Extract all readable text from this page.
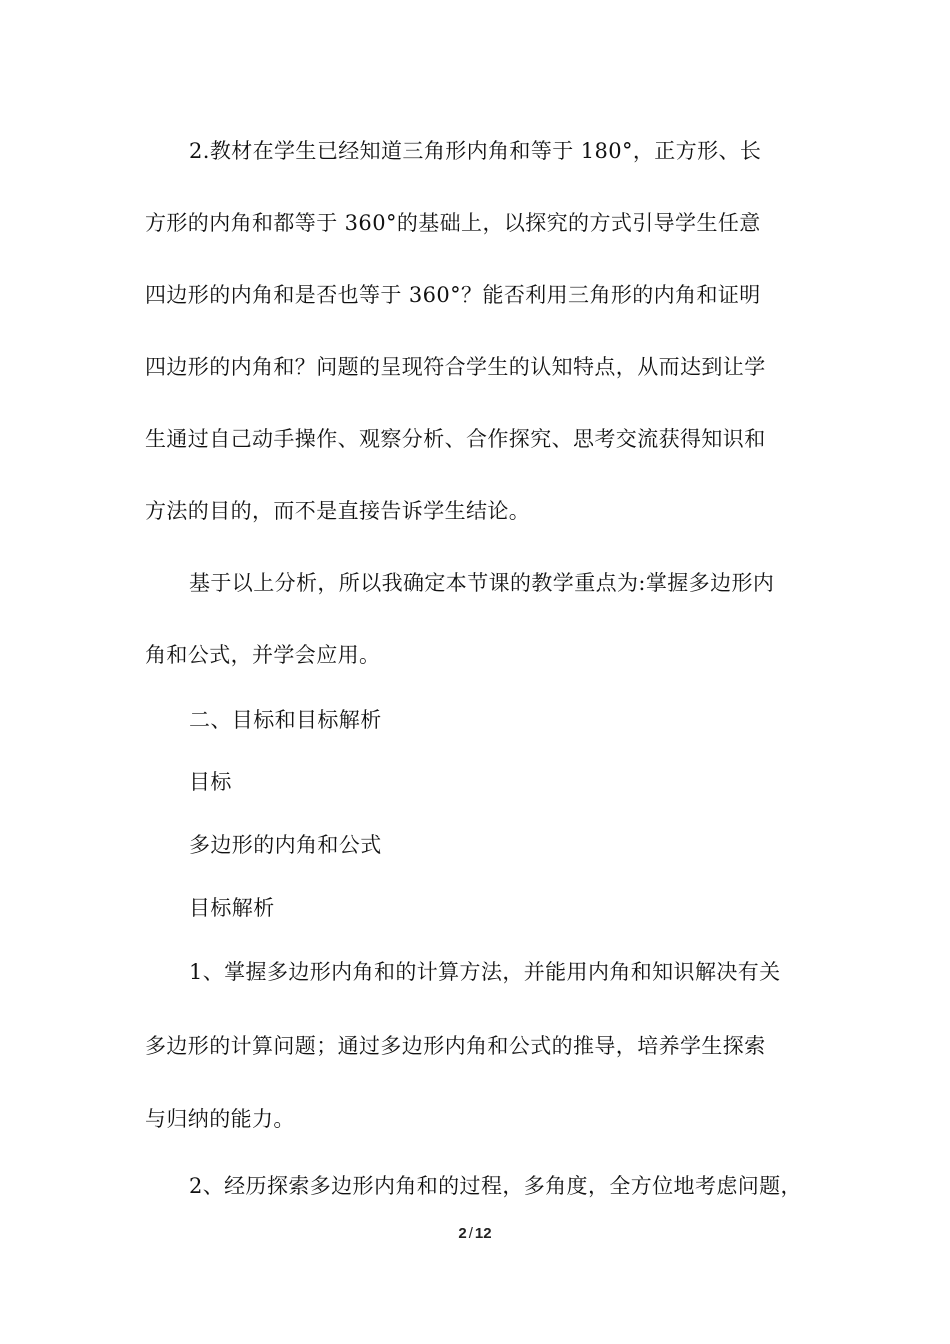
2.教材在学生已经知道三角形内角和等于 180°，正方形、长
方形的内角和都等于 360°的基础上，以探究的方式引导学生任意
四边形的内角和是否也等于 360°？能否利用三角形的内角和证明
四边形的内角和？问题的呈现符合学生的认知特点，从而达到让学
生通过自己动手操作、观察分析、合作探究、思考交流获得知识和
方法的目的，而不是直接告诉学生结论。
基于以上分析，所以我确定本节课的教学重点为:掌握多边形内
角和公式，并学会应用。
二、目标和目标解析
目标
多边形的内角和公式
目标解析
1、掌握多边形内角和的计算方法，并能用内角和知识解决有关
多边形的计算问题；通过多边形内角和公式的推导，培养学生探索
与归纳的能力。
2、经历探索多边形内角和的过程，多角度，全方位地考虑问题，
2 / 12
